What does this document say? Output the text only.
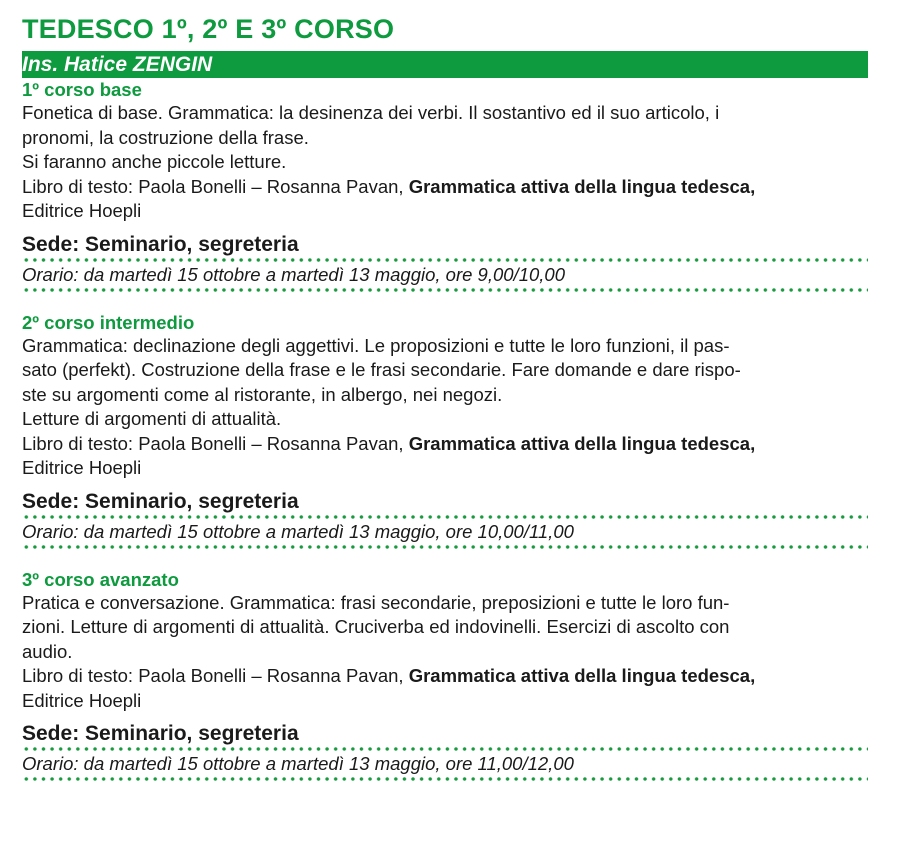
TEDESCO 1º, 2º E 3º CORSO
Ins. Hatice ZENGIN
1º corso base
Fonetica di base. Grammatica: la desinenza dei verbi. Il sostantivo ed il suo articolo, i
pronomi, la costruzione della frase.
Si faranno anche piccole letture.
Libro di testo: Paola Bonelli – Rosanna Pavan, Grammatica attiva della lingua tedesca,
Editrice Hoepli
Sede: Seminario, segreteria
Orario: da martedì 15 ottobre a martedì 13 maggio, ore 9,00/10,00
2º corso intermedio
Grammatica: declinazione degli aggettivi. Le proposizioni e tutte le loro funzioni, il pas-
sato (perfekt). Costruzione della frase e le frasi secondarie. Fare domande e dare rispo-
ste su argomenti come al ristorante, in albergo, nei negozi.
Letture di argomenti di attualità.
Libro di testo: Paola Bonelli – Rosanna Pavan, Grammatica attiva della lingua tedesca,
Editrice Hoepli
Sede: Seminario, segreteria
Orario: da martedì 15 ottobre a martedì 13 maggio, ore 10,00/11,00
3º corso avanzato
Pratica e conversazione. Grammatica: frasi secondarie, preposizioni e tutte le loro fun-
zioni. Letture di argomenti di attualità. Cruciverba ed indovinelli. Esercizi di ascolto con
audio.
Libro di testo: Paola Bonelli – Rosanna Pavan, Grammatica attiva della lingua tedesca,
Editrice Hoepli
Sede: Seminario, segreteria
Orario: da martedì 15 ottobre a martedì 13 maggio, ore 11,00/12,00
